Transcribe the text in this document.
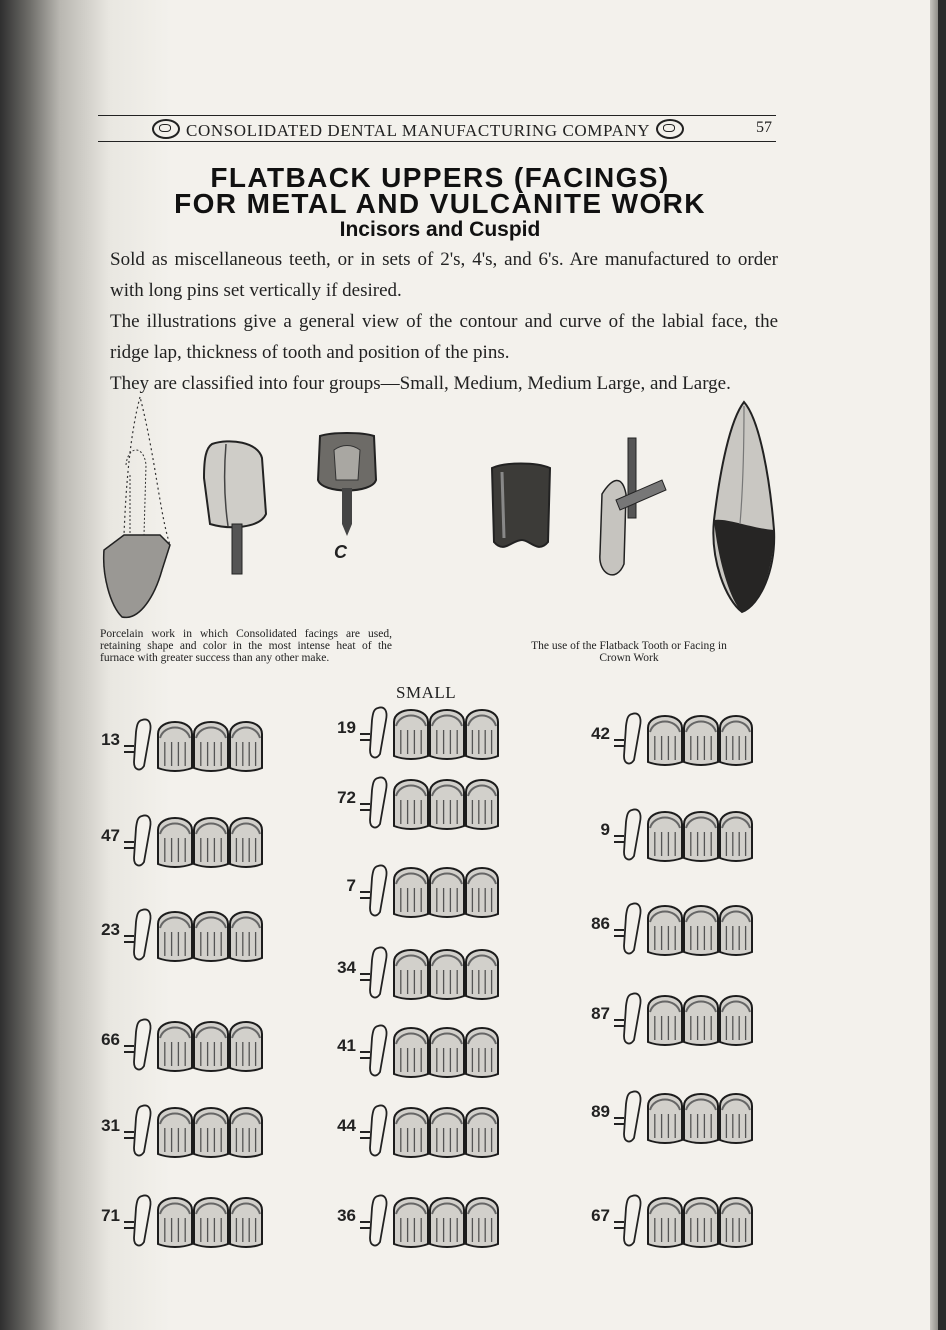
CONSOLIDATED DENTAL MANUFACTURING COMPANY	57
FLATBACK UPPERS (FACINGS)
FOR METAL AND VULCANITE WORK
Incisors and Cuspid

Sold as miscellaneous teeth, or in sets of 2's, 4's, and 6's. Are manufactured to order with long pins set vertically if desired.

The illustrations give a general view of the contour and curve of the labial face, the ridge lap, thickness of tooth and position of the pins.

They are classified into four groups—Small, Medium, Medium Large, and Large.

C
Porcelain work in which Consolidated facings are used, retaining shape and color in the most intense heat of the furnace with greater success than any other make.
The use of the Flatback Tooth or Facing in Crown Work
SMALL
13
47
23
66
31
71
19
72
7
34
41
44
36
42
9
86
87
89
67
